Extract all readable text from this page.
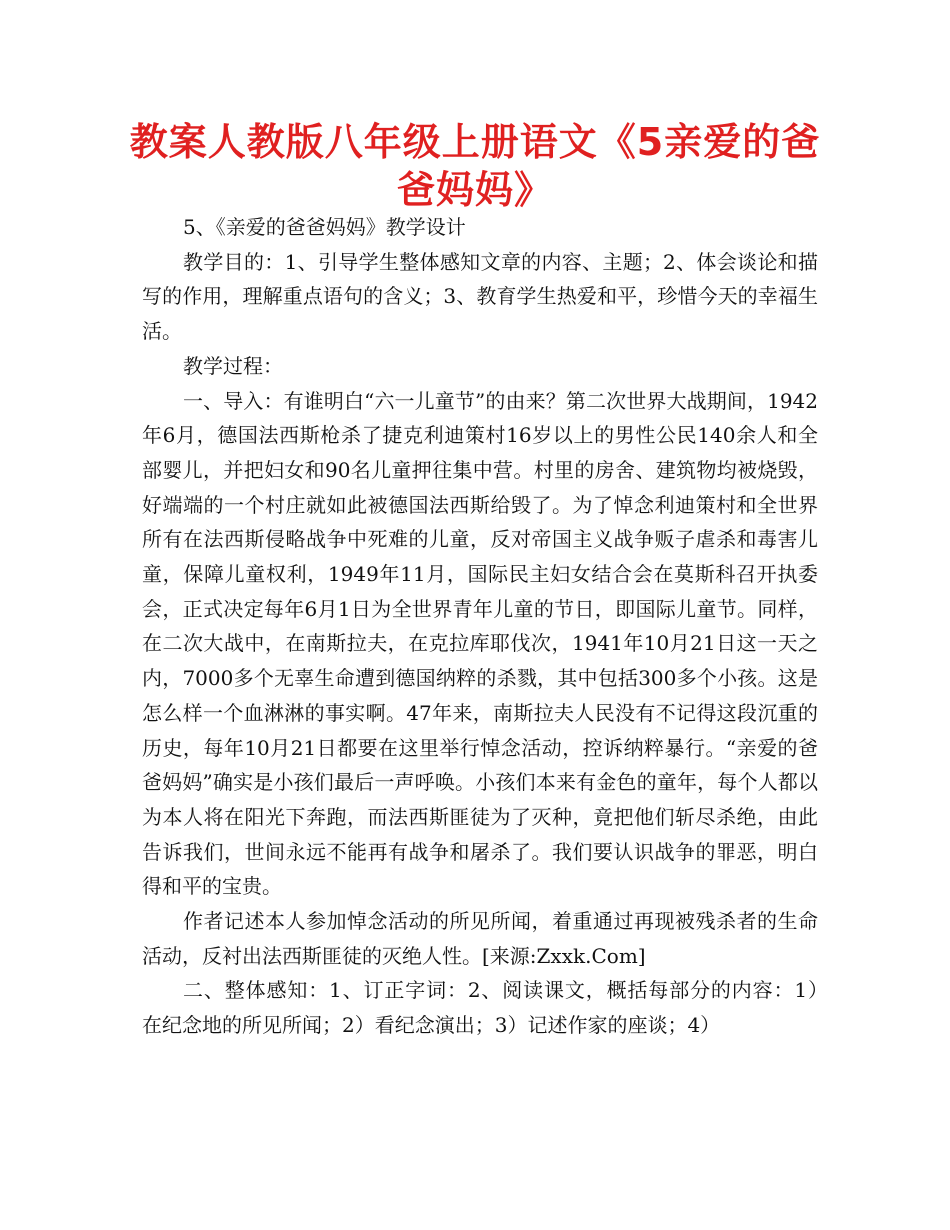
教案人教版八年级上册语文《5亲爱的爸爸妈妈》

5、《亲爱的爸爸妈妈》教学设计

教学目的：1、引导学生整体感知文章的内容、主题；2、体会谈论和描写的作用，理解重点语句的含义；3、教育学生热爱和平，珍惜今天的幸福生活。

教学过程：

一、导入：有谁明白“六一儿童节”的由来？第二次世界大战期间，1942年6月，德国法西斯枪杀了捷克利迪策村16岁以上的男性公民140余人和全部婴儿，并把妇女和90名儿童押往集中营。村里的房舍、建筑物均被烧毁，好端端的一个村庄就如此被德国法西斯给毁了。为了悼念利迪策村和全世界所有在法西斯侵略战争中死难的儿童，反对帝国主义战争贩子虐杀和毒害儿童，保障儿童权利，1949年11月，国际民主妇女结合会在莫斯科召开执委会，正式决定每年6月1日为全世界青年儿童的节日，即国际儿童节。同样，在二次大战中，在南斯拉夫，在克拉库耶伐次，1941年10月21日这一天之内，7000多个无辜生命遭到德国纳粹的杀戮，其中包括300多个小孩。这是怎么样一个血淋淋的事实啊。47年来，南斯拉夫人民没有不记得这段沉重的历史，每年10月21日都要在这里举行悼念活动，控诉纳粹暴行。“亲爱的爸爸妈妈”确实是小孩们最后一声呼唤。小孩们本来有金色的童年，每个人都以为本人将在阳光下奔跑，而法西斯匪徒为了灭种，竟把他们斩尽杀绝，由此告诉我们，世间永远不能再有战争和屠杀了。我们要认识战争的罪恶，明白得和平的宝贵。

作者记述本人参加悼念活动的所见所闻，着重通过再现被残杀者的生命活动，反衬出法西斯匪徒的灭绝人性。[来源:Zxxk.Com]

二、整体感知：1、订正字词：2、阅读课文，概括每部分的内容：1）　在纪念地的所见所闻；2）看纪念演出；3）记述作家的座谈；4）
